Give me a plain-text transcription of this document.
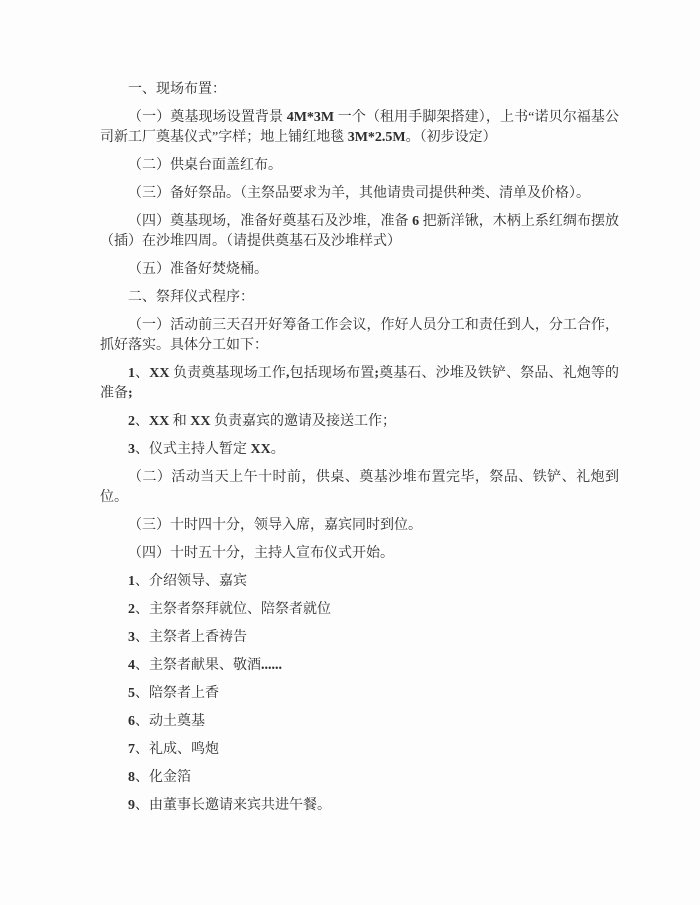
一、现场布置：

（一）奠基现场设置背景 4M*3M 一个（租用手脚架搭建），上书“诺贝尔福基公司新工厂奠基仪式”字样；地上铺红地毯 3M*2.5M。（初步设定）

（二）供桌台面盖红布。

（三）备好祭品。（主祭品要求为羊，其他请贵司提供种类、清单及价格）。

（四）奠基现场，准备好奠基石及沙堆，准备 6 把新洋锹，木柄上系红绸布摆放（插）在沙堆四周。（请提供奠基石及沙堆样式）

（五）准备好焚烧桶。

二、祭拜仪式程序：

（一）活动前三天召开好筹备工作会议，作好人员分工和责任到人，分工合作，抓好落实。具体分工如下：

1、XX 负责奠基现场工作,包括现场布置;奠基石、沙堆及铁铲、祭品、礼炮等的准备;

2、XX 和 XX 负责嘉宾的邀请及接送工作；

3、仪式主持人暂定 XX。

（二）活动当天上午十时前，供桌、奠基沙堆布置完毕，祭品、铁铲、礼炮到位。

（三）十时四十分，领导入席，嘉宾同时到位。

（四）十时五十分，主持人宣布仪式开始。

1、介绍领导、嘉宾

2、主祭者祭拜就位、陪祭者就位

3、主祭者上香祷告

4、主祭者献果、敬酒......

5、陪祭者上香

6、动土奠基

7、礼成、鸣炮

8、化金箔

9、由董事长邀请来宾共进午餐。
